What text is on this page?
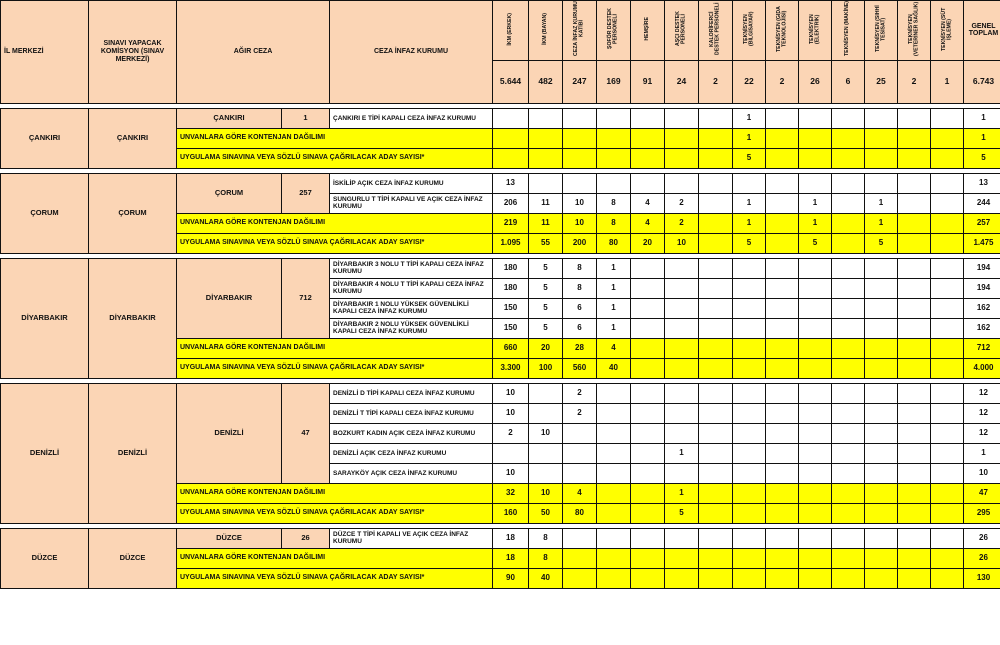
İL MERKEZİ	SINAVI YAPACAK KOMİSYON (SINAV MERKEZİ)	AĞIR CEZA		CEZA İNFAZ KURUMU	İKM (ERKEK)	İKM (BAYAN)	CEZA İNFAZ KURUMU KATİBİ	ŞOFÖR DESTEK PERSONELİ	HEMŞİRE	AŞÇI DESTEK PERSONELİ	KALORİFERCİ DESTEK PERSONELİ	TEKNİSYEN (BİLGİSAYAR)	TEKNİSYEN (GIDA TEKNOLOJİSİ)	TEKNİSYEN (ELEKTRİK)	TEKNİSYEN (MAKİNE)	TEKNİSYEN (SIHHİ TESİSAT)	TEKNİSYEN (VETERİNER SAĞLIK)	TEKNİSYEN (SÜT İŞLEME)	GENEL TOPLAM
					5.644	482	247	169	91	24	2	22	2	26	6	25	2	1	6.743

ÇANKIRI	ÇANKIRI	ÇANKIRI	1	ÇANKIRI E TİPİ KAPALI CEZA İNFAZ KURUMU								1							1
		UNVANLARA GÖRE KONTENJAN DAĞILIMI										1							1
		UYGULAMA SINAVINA VEYA SÖZLÜ SINAVA ÇAĞRILACAK ADAY SAYISI*										5							5

ÇORUM	ÇORUM	ÇORUM	257	İSKİLİP AÇIK CEZA İNFAZ KURUMU	13														13
				SUNGURLU T TİPİ KAPALI VE AÇIK CEZA İNFAZ KURUMU	206	11	10	8	4	2		1		1		1			244
		UNVANLARA GÖRE KONTENJAN DAĞILIMI			219	11	10	8	4	2		1		1		1			257
		UYGULAMA SINAVINA VEYA SÖZLÜ SINAVA ÇAĞRILACAK ADAY SAYISI*			1.095	55	200	80	20	10		5		5		5			1.475

DİYARBAKIR	DİYARBAKIR	DİYARBAKIR	712	DİYARBAKIR 3 NOLU T TİPİ KAPALI CEZA İNFAZ KURUMU	180	5	8	1											194
				DİYARBAKIR 4 NOLU T TİPİ KAPALI CEZA İNFAZ KURUMU	180	5	8	1											194
				DİYARBAKIR 1 NOLU YÜKSEK GÜVENLİKLİ KAPALI CEZA İNFAZ KURUMU	150	5	6	1											162
				DİYARBAKIR 2 NOLU YÜKSEK GÜVENLİKLİ KAPALI CEZA İNFAZ KURUMU	150	5	6	1											162
		UNVANLARA GÖRE KONTENJAN DAĞILIMI			660	20	28	4											712
		UYGULAMA SINAVINA VEYA SÖZLÜ SINAVA ÇAĞRILACAK ADAY SAYISI*			3.300	100	560	40											4.000

DENİZLİ	DENİZLİ	DENİZLİ	47	DENİZLİ D TİPİ KAPALI CEZA İNFAZ KURUMU	10		2												12
				DENİZLİ T TİPİ KAPALI CEZA İNFAZ KURUMU	10		2												12
				BOZKURT KADIN AÇIK CEZA İNFAZ KURUMU	2	10													12
				DENİZLİ AÇIK CEZA İNFAZ KURUMU						1									1
				SARAYKÖY AÇIK CEZA İNFAZ KURUMU	10														10
		UNVANLARA GÖRE KONTENJAN DAĞILIMI			32	10	4			1									47
		UYGULAMA SINAVINA VEYA SÖZLÜ SINAVA ÇAĞRILACAK ADAY SAYISI*			160	50	80			5									295

DÜZCE	DÜZCE	DÜZCE	26	DÜZCE T TİPİ KAPALI VE AÇIK CEZA İNFAZ KURUMU	18	8													26
		UNVANLARA GÖRE KONTENJAN DAĞILIMI			18	8													26
		UYGULAMA SINAVINA VEYA SÖZLÜ SINAVA ÇAĞRILACAK ADAY SAYISI*			90	40													130
